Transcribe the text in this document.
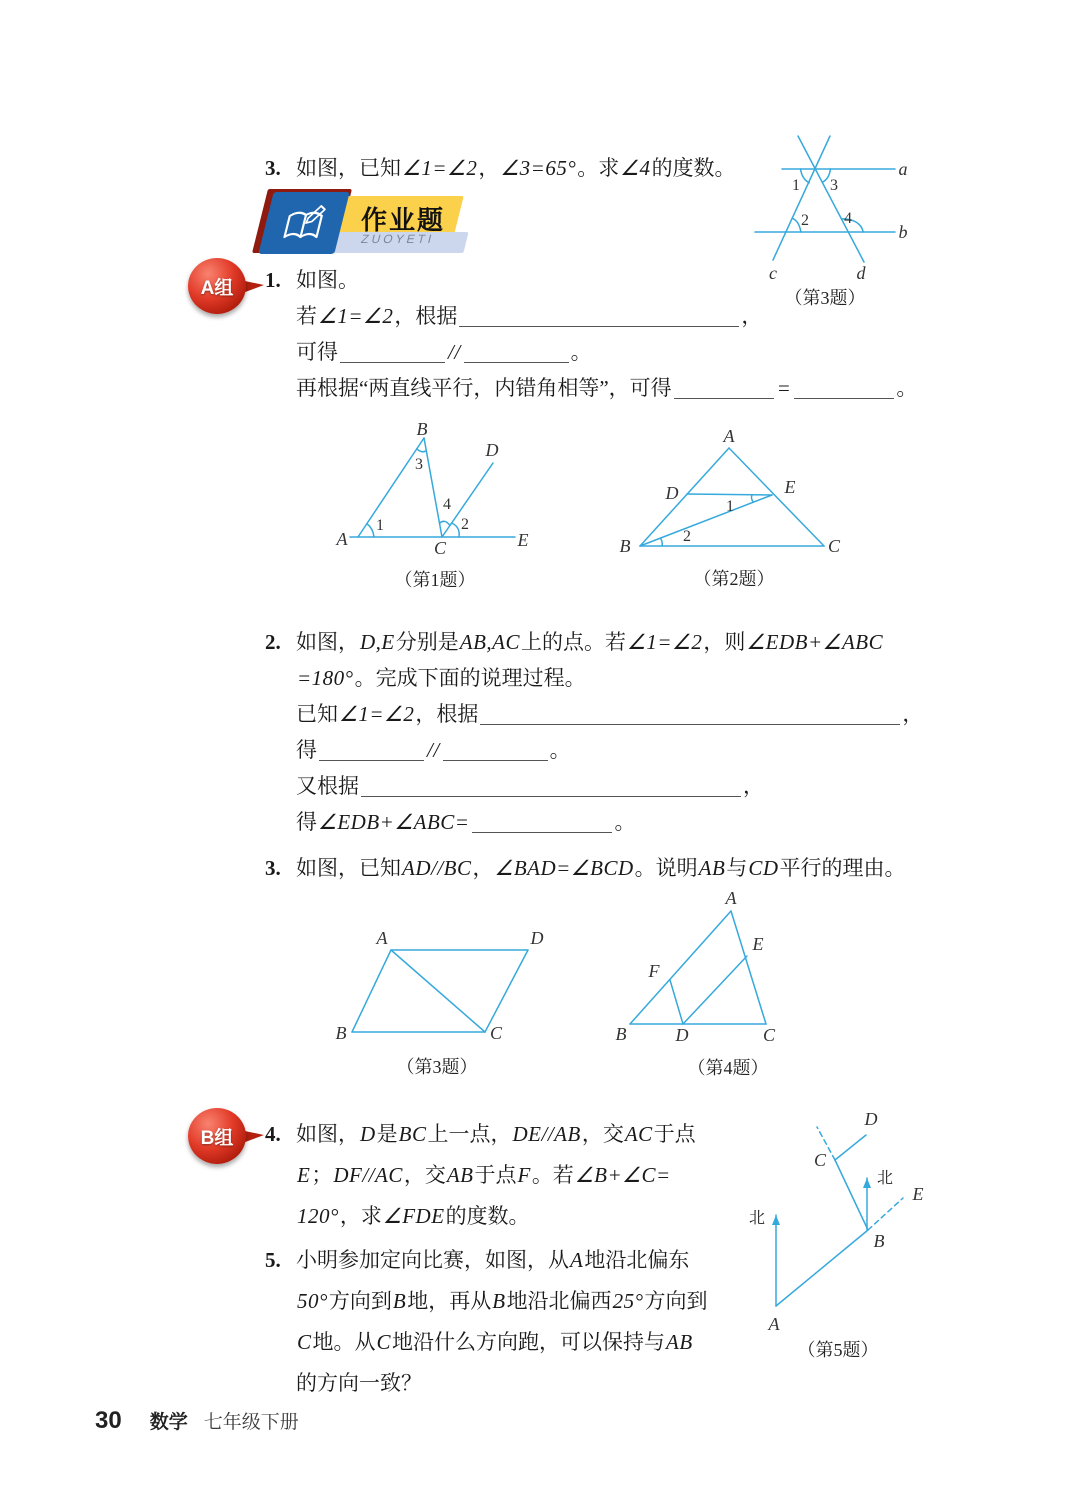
3. 如图，已知∠1=∠2，∠3=65°。求∠4的度数。	a
b
c	d
1 3
2 4
（第3题）
ZUOYETI
作业题
A组	1. 如图。
若∠1=∠2，根据	，
可得	//	。
再根据“两直线平行，内错角相等”，可得	=	。
A
B
D
C	E
1
3
4
2
（第1题）
A
D	E
B	C
1
2
（第2题）
2. 如图，D,E分别是AB,AC上的点。若∠1=∠2，则∠EDB+∠ABC
=180°。完成下面的说理过程。
已知∠1=∠2，根据	，
得	//	。
又根据	，
得∠EDB+∠ABC=	。
3. 如图，已知AD//BC，∠BAD=∠BCD。说明AB与CD平行的理由。
A	D
B	C
（第3题）
A
E
F
B	D	C
（第4题）
B组	4. 如图，D是BC上一点，DE//AB，交AC于点
E；DF//AC，交AB于点F。若∠B+∠C=
120°，求∠FDE的度数。
5. 小明参加定向比赛，如图，从A地沿北偏东
50°方向到B地，再从B地沿北偏西25°方向到
C地。从C地沿什么方向跑，可以保持与AB
的方向一致？
A
B
C
D
E
北
北
（第5题）
30 数学 七年级下册
